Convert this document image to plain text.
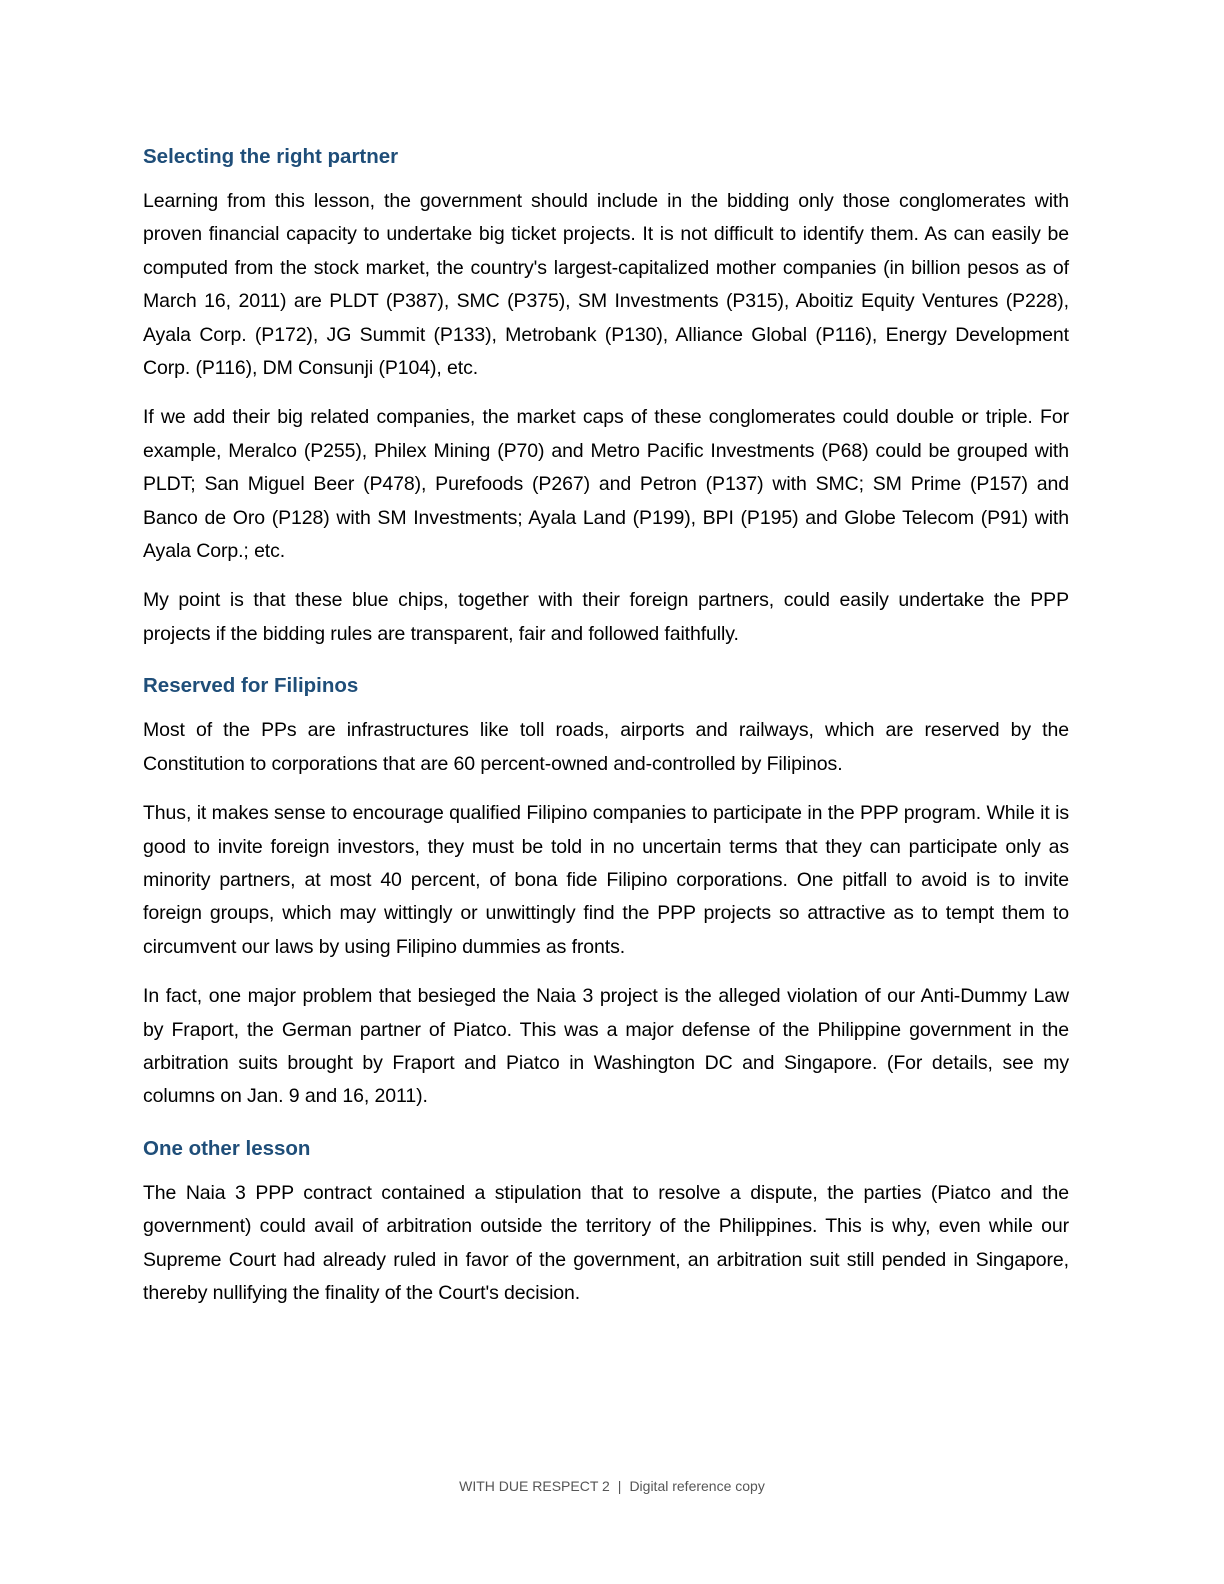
Selecting the right partner

Learning from this lesson, the government should include in the bidding only those conglomerates with proven financial capacity to undertake big ticket projects. It is not difficult to identify them. As can easily be computed from the stock market, the country's largest-capitalized mother companies (in billion pesos as of March 16, 2011) are PLDT (P387), SMC (P375), SM Investments (P315), Aboitiz Equity Ventures (P228), Ayala Corp. (P172), JG Summit (P133), Metrobank (P130), Alliance Global (P116), Energy Development Corp. (P116), DM Consunji (P104), etc.

If we add their big related companies, the market caps of these conglomerates could double or triple. For example, Meralco (P255), Philex Mining (P70) and Metro Pacific Investments (P68) could be grouped with PLDT; San Miguel Beer (P478), Purefoods (P267) and Petron (P137) with SMC; SM Prime (P157) and Banco de Oro (P128) with SM Investments; Ayala Land (P199), BPI (P195) and Globe Telecom (P91) with Ayala Corp.; etc.

My point is that these blue chips, together with their foreign partners, could easily undertake the PPP projects if the bidding rules are transparent, fair and followed faithfully.

Reserved for Filipinos

Most of the PPs are infrastructures like toll roads, airports and railways, which are reserved by the Constitution to corporations that are 60 percent-owned and-controlled by Filipinos.

Thus, it makes sense to encourage qualified Filipino companies to participate in the PPP program. While it is good to invite foreign investors, they must be told in no uncertain terms that they can participate only as minority partners, at most 40 percent, of bona fide Filipino corporations. One pitfall to avoid is to invite foreign groups, which may wittingly or unwittingly find the PPP projects so attractive as to tempt them to circumvent our laws by using Filipino dummies as fronts.

In fact, one major problem that besieged the Naia 3 project is the alleged violation of our Anti-Dummy Law by Fraport, the German partner of Piatco. This was a major defense of the Philippine government in the arbitration suits brought by Fraport and Piatco in Washington DC and Singapore. (For details, see my columns on Jan. 9 and 16, 2011).

One other lesson

The Naia 3 PPP contract contained a stipulation that to resolve a dispute, the parties (Piatco and the government) could avail of arbitration outside the territory of the Philippines. This is why, even while our Supreme Court had already ruled in favor of the government, an arbitration suit still pended in Singapore, thereby nullifying the finality of the Court's decision.

WITH DUE RESPECT 2 | Digital reference copy
